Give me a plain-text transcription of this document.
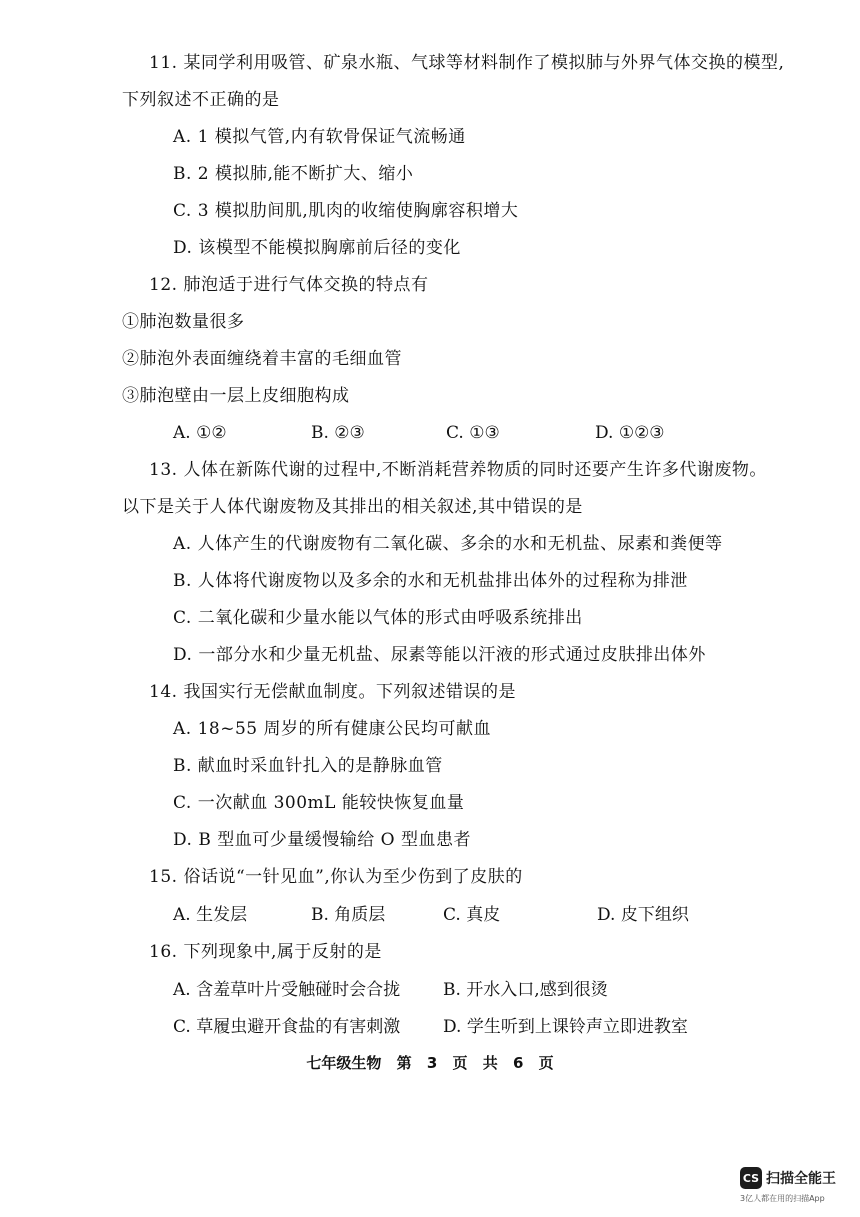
11. 某同学利用吸管、矿泉水瓶、气球等材料制作了模拟肺与外界气体交换的模型,
下列叙述不正确的是
A. 1 模拟气管,内有软骨保证气流畅通
B. 2 模拟肺,能不断扩大、缩小
C. 3 模拟肋间肌,肌肉的收缩使胸廓容积增大
D. 该模型不能模拟胸廓前后径的变化
12. 肺泡适于进行气体交换的特点有
①肺泡数量很多
②肺泡外表面缠绕着丰富的毛细血管
③肺泡壁由一层上皮细胞构成
A. ①②	B. ②③	C. ①③	D. ①②③
13. 人体在新陈代谢的过程中,不断消耗营养物质的同时还要产生许多代谢废物。
以下是关于人体代谢废物及其排出的相关叙述,其中错误的是
A. 人体产生的代谢废物有二氧化碳、多余的水和无机盐、尿素和粪便等
B. 人体将代谢废物以及多余的水和无机盐排出体外的过程称为排泄
C. 二氧化碳和少量水能以气体的形式由呼吸系统排出
D. 一部分水和少量无机盐、尿素等能以汗液的形式通过皮肤排出体外
14. 我国实行无偿献血制度。下列叙述错误的是
A. 18~55 周岁的所有健康公民均可献血
B. 献血时采血针扎入的是静脉血管
C. 一次献血 300mL 能较快恢复血量
D. B 型血可少量缓慢输给 O 型血患者
15. 俗话说“一针见血”,你认为至少伤到了皮肤的
A. 生发层	B. 角质层	C. 真皮	D. 皮下组织
16. 下列现象中,属于反射的是
A. 含羞草叶片受触碰时会合拢	B. 开水入口,感到很烫
C. 草履虫避开食盐的有害刺激	D. 学生听到上课铃声立即进教室
七年级生物 第 3 页 共 6 页
CS 扫描全能王
3亿人都在用的扫描App
